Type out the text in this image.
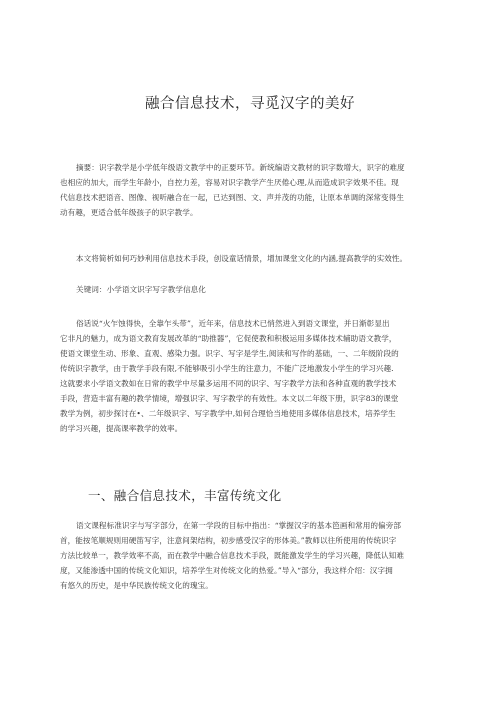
融合信息技术，寻觅汉字的美好
摘要：识字教学是小学低年级语文教学中的正要环节。新统编语文教材的识字数增大，识字的难度
也相应的加大，而学生年龄小，自控力差，容易对识字教学产生厌倦心理,从而造成识字效果不佳。现
代信息技术把语音、图像、视听融合在一起，已达到图、文、声并茂的功能，让原本单调的深常变得生
动有趣，更适合低年级孩子的识字教学。
本文将简析如何巧妙利用信息技术手段，创设童话情景，增加课堂文化的内涵,提高教学的实效性。
关键词：小学语文识字写字教学信息化
俗话说“火乍蚀得快，全靠乍头带”，近年来，信息技术已悄然进入到语文课堂，并日渐彰显出
它非凡的魅力，成为语文教育发展改革的“助推器”，它促使教和积极运用多媒体技术辅助语文教学，
使语文课堂生动、形象、直观、感染力强。识字、写字是学生,阅读和写作的基础，一、二年级阶段的
传统识字教学，由于教学手段有限,不能够吸引小学生的注意力，不能广泛地激发小学生的学习兴趣.
这就要求小学语文教如在日常的教学中尽量多运用不同的识字、写字教学方法和各种直观的教学技术
手段，营造丰富有趣的教学情境，增强识字、写字教学的有效性。本文以二年级下册，识字83的课堂
教学为例，初步探讨在•、二年级识字、写字教学中,如何合理恰当地使用多媒体信息技术，培养学生
的学习兴趣，提高课率教学的效率。
一、融合信息技术，丰富传统文化
语文课程标准识字与写字部分，在第一学段的目标中指出：“掌握汉字的基本笆画和常用的偏旁部
首，能按笔顺规则用硬笛写字，注意间架结构，初步感受汉字的形体美。”教师以往所使用的传统识字
方法比较单一，教学效率不高，而在教学中融合信息技术手段，既能激发学生的学习兴趣，降低认知难
度，又能渗透中国的传统文化知识，培养学生对传统文化的热爱。”导入“部分，我这样介绍：汉字拥
有悠久的历史，是中华民族传统文化的瑰宝。
